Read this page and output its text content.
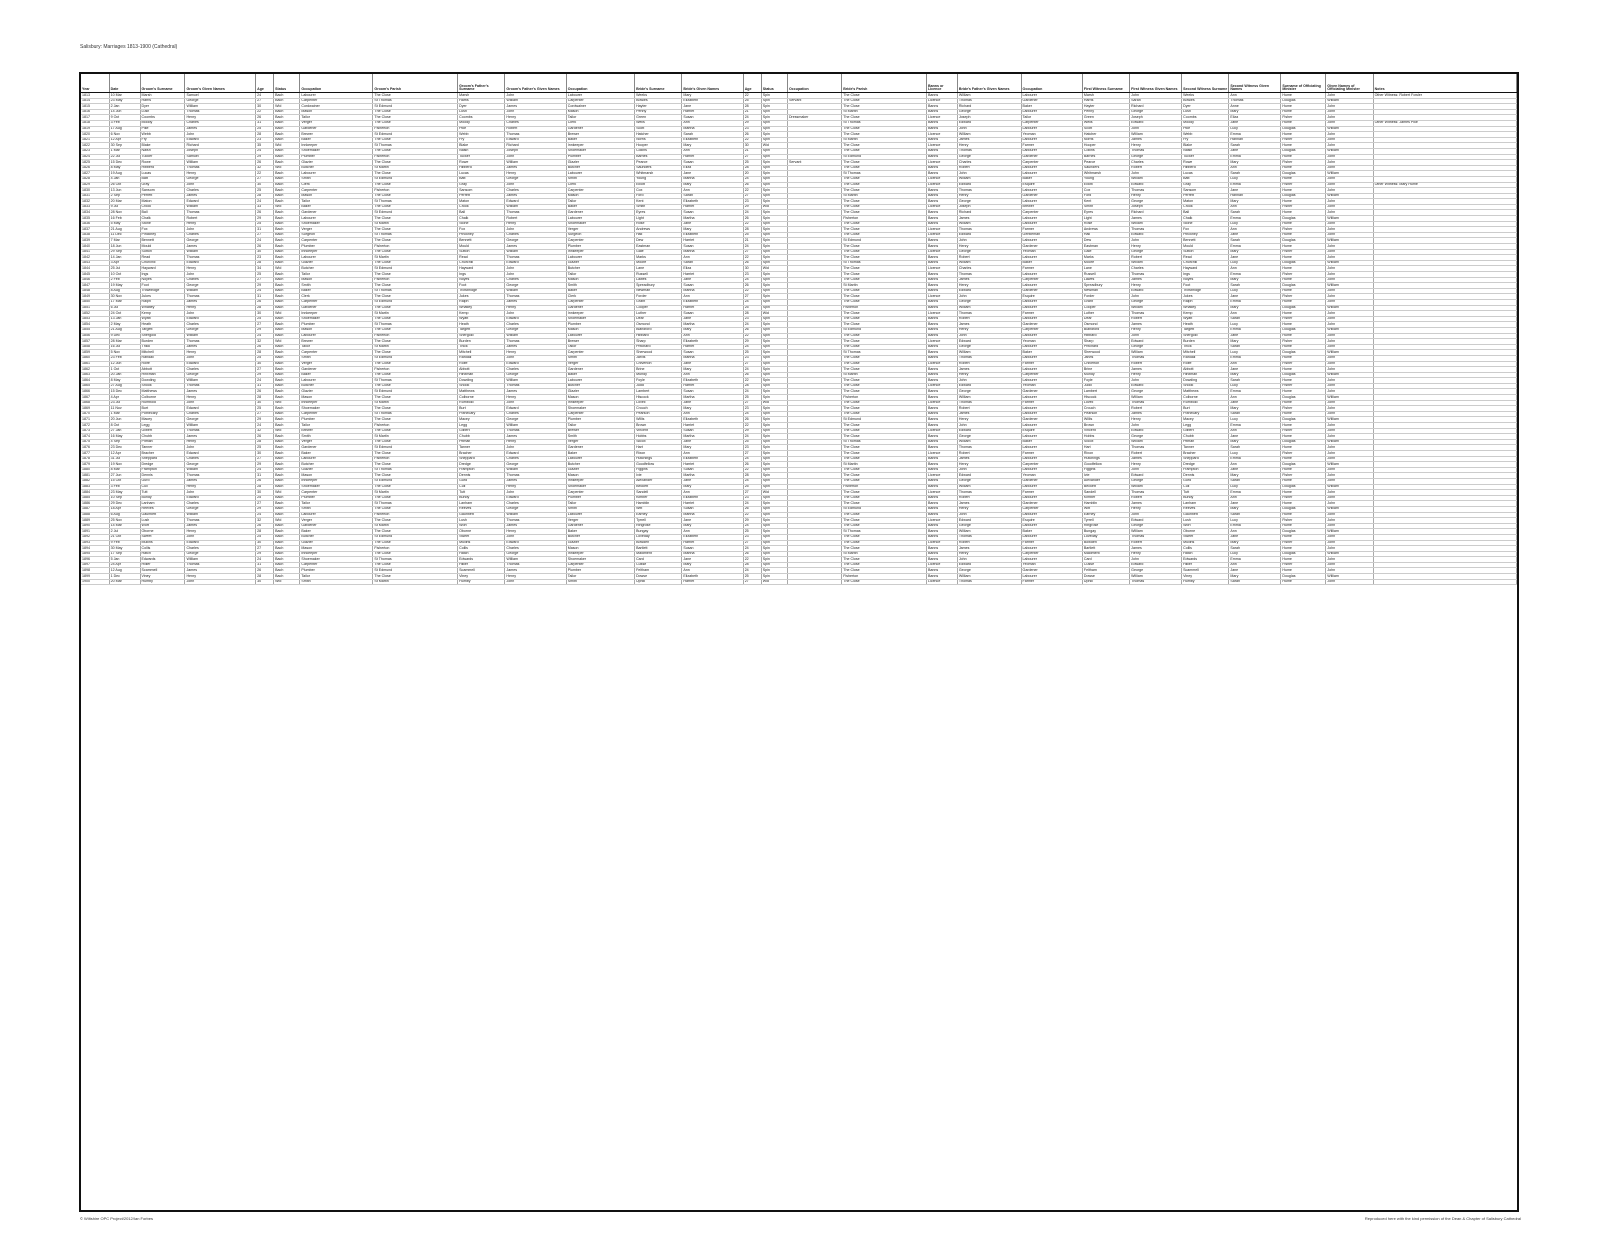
Salisbury: Marriages 1813-1900 (Cathedral)
Year	Date	Groom's Surname	Groom's Given Names	Age	Status	Occupation	Groom's Parish	Groom's Father's Surname	Groom's Father's Given Names	Occupation	Bride's Surname	Bride's Given Names	Age	Status	Occupation	Bride's Parish	Banns or Licence	Bride's Father's Given Names	Occupation	First Witness Surname	First Witness Given Names	Second Witness Surname	Second Witness Given Names	Surname of Officiating Minister	Given Names of Officiating Minister	Notes
1813	10 Mar	Marsh	Samuel	24	Bach	Labourer	The Close	Marsh	John	Labourer	Weeks	Mary	22	Spin		The Close	Banns	William	Labourer	Marsh	John	Weeks	Ann	Hume	John	Other Witness: Robert Fowler
1814	23 May	Harris	George	27	Bach	Carpenter	St Thomas	Harris	William	Carpenter	Bowles	Elizabeth	25	Spin	Servant	The Close	Licence	Thomas	Gardener	Harris	Sarah	Bowles	Thomas	Douglas	William	
1815	2 Jan	Dyer	William	30	Wid	Cordwainer	St Edmund	Dyer	James	Cordwainer	Hayter	Jane	28	Spin		The Close	Banns	Richard	Baker	Hayter	Richard	Dyer	Anne	Hume	John	
1816	14 Jun	Lush	Thomas	22	Bach	Mason	The Close	Lush	John	Mason	Penny	Harriet	21	Spin		St Martin	Banns	George	Labourer	Penny	George	Lush	Mary	Hume	John	
1817	9 Oct	Coombs	Henry	26	Bach	Tailor	The Close	Coombs	Henry	Tailor	Green	Susan	24	Spin	Dressmaker	The Close	Licence	Joseph	Tailor	Green	Joseph	Coombs	Eliza	Fisher	John	
1818	3 Feb	Moody	Charles	31	Bach	Verger	The Close	Moody	Charles	Clerk	Wells	Ann	29	Spin		St Thomas	Banns	Edward	Carpenter	Wells	Edward	Moody	Jane	Hume	John	Other Witness: James Pike
1819	17 Aug	Pike	James	25	Bach	Gardener	Fisherton	Pike	Robert	Gardener	Scott	Martha	23	Spin		The Close	Banns	John	Labourer	Scott	John	Pike	Lucy	Douglas	William	
1820	6 Nov	Webb	John	28	Bach	Brewer	St Edmund	Webb	Thomas	Brewer	Hatcher	Sarah	26	Spin		The Close	Licence	William	Yeoman	Hatcher	William	Webb	Emma	Hume	John	
1821	12 Apr	Fry	Edward	23	Bach	Baker	The Close	Fry	Edward	Baker	Norris	Elizabeth	22	Spin		St Martin	Banns	James	Labourer	Norris	James	Fry	Hannah	Fisher	John	
1822	30 Sep	Blake	Richard	35	Wid	Innkeeper	St Thomas	Blake	Richard	Innkeeper	Hooper	Mary	30	Wid		The Close	Licence	Henry	Farmer	Hooper	Henry	Blake	Sarah	Hume	John	
1823	1 Mar	Naish	Joseph	24	Bach	Shoemaker	The Close	Naish	Joseph	Shoemaker	Collins	Ann	21	Spin		The Close	Banns	Thomas	Labourer	Collins	Thomas	Naish	Jane	Douglas	William	
1824	22 Jul	Tucker	Samuel	29	Bach	Plumber	Fisherton	Tucker	John	Plumber	Barnes	Harriet	27	Spin		St Edmund	Banns	George	Gardener	Barnes	George	Tucker	Emma	Hume	John	
1825	15 Dec	Rowe	William	26	Bach	Glazier	The Close	Rowe	William	Glazier	Pearce	Susan	25	Spin	Servant	The Close	Licence	Charles	Carpenter	Pearce	Charles	Rowe	Mary	Fisher	John	
1826	8 May	Hibberd	Thomas	32	Wid	Butcher	St Martin	Hibberd	James	Butcher	Saunders	Eliza	28	Spin		The Close	Banns	Robert	Labourer	Saunders	Robert	Hibberd	Ann	Hume	John	
1827	19 Aug	Lucas	Henry	22	Bach	Labourer	The Close	Lucas	Henry	Labourer	Whitmarsh	Jane	20	Spin		St Thomas	Banns	John	Labourer	Whitmarsh	John	Lucas	Sarah	Douglas	William	
1828	4 Jan	Batt	George	27	Bach	Smith	St Edmund	Batt	George	Smith	Young	Martha	24	Spin		The Close	Licence	William	Baker	Young	William	Batt	Lucy	Hume	John	
1829	26 Oct	Gray	John	30	Bach	Clerk	The Close	Gray	John	Clerk	Elliott	Mary	26	Spin		The Close	Licence	Edward	Esquire	Elliott	Edward	Gray	Emma	Fisher	John	Other Witness: Mary Hume
1830	13 Jun	Sansom	Charles	25	Bach	Carpenter	Fisherton	Sansom	Charles	Carpenter	Cox	Ann	22	Spin		The Close	Banns	Thomas	Labourer	Cox	Thomas	Sansom	Jane	Hume	John	
1831	2 Sep	Perrett	James	28	Bach	Mason	The Close	Perrett	James	Mason	Ford	Sarah	27	Spin		St Martin	Banns	Henry	Gardener	Ford	Henry	Perrett	Hannah	Douglas	William	
1832	20 Mar	Maton	Edward	24	Bach	Tailor	St Thomas	Maton	Edward	Tailor	Kent	Elizabeth	23	Spin		The Close	Banns	George	Labourer	Kent	George	Maton	Mary	Hume	John	
1833	9 Jul	Crook	William	33	Wid	Baker	The Close	Crook	William	Baker	Smith	Harriet	29	Wid		The Close	Licence	Joseph	Brewer	Smith	Joseph	Crook	Ann	Fisher	John	
1834	28 Nov	Ball	Thomas	26	Bach	Gardener	St Edmund	Ball	Thomas	Gardener	Eyres	Susan	24	Spin		The Close	Banns	Richard	Carpenter	Eyres	Richard	Ball	Sarah	Hume	John	
1835	16 Feb	Chalk	Robert	29	Bach	Labourer	The Close	Chalk	Robert	Labourer	Light	Martha	26	Spin		Fisherton	Banns	James	Labourer	Light	James	Chalk	Emma	Douglas	William	
1836	5 May	Stone	Henry	25	Bach	Shoemaker	St Martin	Stone	Henry	Shoemaker	Rose	Jane	22	Spin		The Close	Banns	William	Labourer	Rose	William	Stone	Lucy	Hume	John	
1837	21 Aug	Fox	John	31	Bach	Verger	The Close	Fox	John	Verger	Andrews	Mary	28	Spin		The Close	Licence	Thomas	Farmer	Andrews	Thomas	Fox	Ann	Fisher	John	
1838	11 Dec	Pinckney	Charles	27	Bach	Surgeon	St Thomas	Pinckney	Charles	Surgeon	Hall	Elizabeth	25	Spin		The Close	Licence	Edward	Gentleman	Hall	Edward	Pinckney	Jane	Hume	John	
1839	7 Mar	Bennett	George	24	Bach	Carpenter	The Close	Bennett	George	Carpenter	Dew	Harriet	21	Spin		St Edmund	Banns	John	Labourer	Dew	John	Bennett	Sarah	Douglas	William	
1840	18 Jun	Mould	James	26	Bach	Plumber	Fisherton	Mould	James	Plumber	Eastman	Susan	24	Spin		The Close	Banns	Henry	Gardener	Eastman	Henry	Mould	Emma	Hume	John	
1841	29 Sep	Sutton	William	30	Bach	Innkeeper	The Close	Sutton	William	Innkeeper	Gale	Martha	27	Spin		The Close	Licence	George	Yeoman	Gale	George	Sutton	Mary	Fisher	John	
1842	14 Jan	Read	Thomas	23	Bach	Labourer	St Martin	Read	Thomas	Labourer	Marks	Ann	22	Spin		The Close	Banns	Robert	Labourer	Marks	Robert	Read	Jane	Hume	John	
1843	3 Apr	Churchill	Edward	28	Bach	Glazier	The Close	Churchill	Edward	Glazier	Moore	Sarah	26	Spin		St Thomas	Banns	William	Baker	Moore	William	Churchill	Lucy	Douglas	William	
1844	25 Jul	Hayward	Henry	34	Wid	Butcher	St Edmund	Hayward	John	Butcher	Lane	Eliza	30	Wid		The Close	Licence	Charles	Farmer	Lane	Charles	Hayward	Ann	Hume	John	
1845	10 Oct	Ings	John	25	Bach	Tailor	The Close	Ings	John	Tailor	Russell	Harriet	23	Spin		The Close	Banns	Thomas	Labourer	Russell	Thomas	Ings	Emma	Fisher	John	
1846	2 Feb	Noyes	Charles	27	Bach	Mason	Fisherton	Noyes	Charles	Mason	Lawes	Jane	24	Spin		The Close	Banns	James	Carpenter	Lawes	James	Noyes	Mary	Hume	John	
1847	19 May	Foot	George	29	Bach	Smith	The Close	Foot	George	Smith	Spreadbury	Susan	26	Spin		St Martin	Banns	Henry	Labourer	Spreadbury	Henry	Foot	Sarah	Douglas	William	
1848	8 Aug	Trowbridge	William	24	Bach	Baker	St Thomas	Trowbridge	William	Baker	Newman	Martha	22	Spin		The Close	Banns	Edward	Gardener	Newman	Edward	Trowbridge	Lucy	Hume	John	
1849	30 Nov	Jukes	Thomas	31	Bach	Clerk	The Close	Jukes	Thomas	Clerk	Forder	Ann	27	Spin		The Close	Licence	John	Esquire	Forder	John	Jukes	Jane	Fisher	John	
1850	17 Mar	Ralph	James	26	Bach	Carpenter	St Edmund	Ralph	James	Carpenter	Grant	Elizabeth	24	Spin		The Close	Banns	George	Labourer	Grant	George	Ralph	Emma	Hume	John	
1851	6 Jul	Whatley	Henry	28	Bach	Gardener	The Close	Whatley	Henry	Gardener	Cooper	Harriet	25	Spin		Fisherton	Banns	William	Labourer	Cooper	William	Whatley	Mary	Douglas	William	
1852	24 Oct	Kemp	John	30	Wid	Innkeeper	St Martin	Kemp	John	Innkeeper	Luther	Susan	28	Wid		The Close	Licence	Thomas	Farmer	Luther	Thomas	Kemp	Ann	Hume	John	
1853	13 Jan	Wyatt	Edward	25	Bach	Shoemaker	The Close	Wyatt	Edward	Shoemaker	Dear	Jane	23	Spin		The Close	Banns	Robert	Labourer	Dear	Robert	Wyatt	Sarah	Fisher	John	
1854	2 May	Heath	Charles	27	Bach	Plumber	St Thomas	Heath	Charles	Plumber	Osmond	Martha	24	Spin		The Close	Banns	James	Gardener	Osmond	James	Heath	Lucy	Hume	John	
1855	21 Aug	Targett	George	29	Bach	Mason	The Close	Targett	George	Mason	Blandford	Mary	26	Spin		St Edmund	Banns	Henry	Carpenter	Blandford	Henry	Targett	Emma	Douglas	William	
1856	9 Dec	Shergold	William	24	Bach	Labourer	Fisherton	Shergold	William	Labourer	Hibbard	Ann	22	Spin		The Close	Banns	John	Labourer	Hibbard	John	Shergold	Jane	Hume	John	
1857	28 Mar	Burden	Thomas	32	Wid	Brewer	The Close	Burden	Thomas	Brewer	Sharp	Elizabeth	29	Spin		The Close	Licence	Edward	Yeoman	Sharp	Edward	Burden	Mary	Fisher	John	
1858	16 Jul	Thick	James	26	Bach	Tailor	St Martin	Thick	James	Tailor	Pritchard	Harriet	24	Spin		The Close	Banns	George	Labourer	Pritchard	George	Thick	Sarah	Hume	John	
1859	5 Nov	Mitchell	Henry	28	Bach	Carpenter	The Close	Mitchell	Henry	Carpenter	Sherwood	Susan	25	Spin		St Thomas	Banns	William	Baker	Sherwood	William	Mitchell	Lucy	Douglas	William	
1860	23 Feb	Randall	John	25	Bach	Smith	St Edmund	Randall	John	Smith	Jarvis	Martha	23	Spin		The Close	Banns	Thomas	Labourer	Jarvis	Thomas	Randall	Emma	Hume	John	
1861	12 Jun	Rolfe	Edward	30	Bach	Verger	The Close	Rolfe	Edward	Verger	Chiverton	Jane	27	Spin		The Close	Licence	Robert	Farmer	Chiverton	Robert	Rolfe	Ann	Fisher	John	
1862	1 Oct	Abbott	Charles	27	Bach	Gardener	Fisherton	Abbott	Charles	Gardener	Brine	Mary	24	Spin		The Close	Banns	James	Labourer	Brine	James	Abbott	Jane	Hume	John	
1863	20 Jan	Hinxman	George	29	Bach	Baker	The Close	Hinxman	George	Baker	Mundy	Ann	26	Spin		St Martin	Banns	Henry	Carpenter	Mundy	Henry	Hinxman	Mary	Douglas	William	
1864	8 May	Dowding	William	24	Bach	Labourer	St Thomas	Dowding	William	Labourer	Foyle	Elizabeth	22	Spin		The Close	Banns	John	Labourer	Foyle	John	Dowding	Sarah	Hume	John	
1865	27 Aug	Snook	Thomas	31	Bach	Butcher	The Close	Snook	Thomas	Butcher	Judd	Harriet	28	Spin		The Close	Licence	Edward	Yeoman	Judd	Edward	Snook	Lucy	Fisher	John	
1866	15 Dec	Matthews	James	26	Bach	Glazier	St Edmund	Matthews	James	Glazier	Lambert	Susan	24	Spin		The Close	Banns	George	Gardener	Lambert	George	Matthews	Emma	Hume	John	
1867	4 Apr	Colborne	Henry	28	Bach	Mason	The Close	Colborne	Henry	Mason	Hiscock	Martha	25	Spin		Fisherton	Banns	William	Labourer	Hiscock	William	Colborne	Ann	Douglas	William	
1868	23 Jul	Rumbold	John	30	Wid	Innkeeper	St Martin	Rumbold	John	Innkeeper	Lovell	Jane	27	Wid		The Close	Licence	Thomas	Farmer	Lovell	Thomas	Rumbold	Jane	Hume	John	
1869	11 Nov	Burt	Edward	25	Bach	Shoemaker	The Close	Burt	Edward	Shoemaker	Crouch	Mary	23	Spin		The Close	Banns	Robert	Labourer	Crouch	Robert	Burt	Mary	Fisher	John	
1870	1 Mar	Pothecary	Charles	27	Bach	Carpenter	St Thomas	Pothecary	Charles	Carpenter	Pearson	Ann	24	Spin		The Close	Banns	James	Labourer	Pearson	James	Pothecary	Sarah	Hume	John	
1871	20 Jun	Macey	George	29	Bach	Plumber	The Close	Macey	George	Plumber	Willis	Elizabeth	26	Spin		St Edmund	Banns	Henry	Gardener	Willis	Henry	Macey	Lucy	Douglas	William	
1872	8 Oct	Legg	William	24	Bach	Tailor	Fisherton	Legg	William	Tailor	Brown	Harriet	22	Spin		The Close	Banns	John	Labourer	Brown	John	Legg	Emma	Hume	John	
1873	27 Jan	Gilbert	Thomas	32	Wid	Brewer	The Close	Gilbert	Thomas	Brewer	Vincent	Susan	29	Spin		The Close	Licence	Edward	Esquire	Vincent	Edward	Gilbert	Ann	Fisher	John	
1874	16 May	Chubb	James	26	Bach	Smith	St Martin	Chubb	James	Smith	Hobbs	Martha	24	Spin		The Close	Banns	George	Labourer	Hobbs	George	Chubb	Jane	Hume	John	
1875	4 Sep	Pitman	Henry	28	Bach	Verger	The Close	Pitman	Henry	Verger	Silcox	Jane	25	Spin		St Thomas	Banns	William	Baker	Silcox	William	Pitman	Mary	Douglas	William	
1876	23 Dec	Tanner	John	25	Bach	Gardener	St Edmund	Tanner	John	Gardener	Hart	Mary	23	Spin		The Close	Banns	Thomas	Labourer	Hart	Thomas	Tanner	Sarah	Hume	John	
1877	12 Apr	Bracher	Edward	30	Bach	Baker	The Close	Bracher	Edward	Baker	Rixon	Ann	27	Spin		The Close	Licence	Robert	Farmer	Rixon	Robert	Bracher	Lucy	Fisher	John	
1878	31 Jul	Sheppard	Charles	27	Bach	Labourer	Fisherton	Sheppard	Charles	Labourer	Hutchings	Elizabeth	24	Spin		The Close	Banns	James	Labourer	Hutchings	James	Sheppard	Emma	Hume	John	
1879	19 Nov	Dredge	George	29	Bach	Butcher	The Close	Dredge	George	Butcher	Goodfellow	Harriet	26	Spin		St Martin	Banns	Henry	Carpenter	Goodfellow	Henry	Dredge	Ann	Douglas	William	
1880	8 Mar	Frampton	William	24	Bach	Glazier	St Thomas	Frampton	William	Glazier	Figgins	Susan	22	Spin		The Close	Banns	John	Labourer	Figgins	John	Frampton	Jane	Hume	John	
1881	27 Jun	Dennis	Thomas	31	Bach	Mason	The Close	Dennis	Thomas	Mason	Ivie	Martha	28	Spin		The Close	Licence	Edward	Yeoman	Ivie	Edward	Dennis	Mary	Fisher	John	
1882	15 Oct	Gurd	James	26	Bach	Innkeeper	St Edmund	Gurd	James	Innkeeper	Alexander	Jane	24	Spin		The Close	Banns	George	Gardener	Alexander	George	Gurd	Sarah	Hume	John	
1883	3 Feb	Cull	Henry	28	Bach	Shoemaker	The Close	Cull	Henry	Shoemaker	Beckett	Mary	25	Spin		Fisherton	Banns	William	Labourer	Beckett	William	Cull	Lucy	Douglas	William	
1884	23 May	Tutt	John	30	Wid	Carpenter	St Martin	Tutt	John	Carpenter	Sandell	Ann	27	Wid		The Close	Licence	Thomas	Farmer	Sandell	Thomas	Tutt	Emma	Hume	John	
1885	10 Sep	Bundy	Edward	25	Bach	Plumber	The Close	Bundy	Edward	Plumber	Kimber	Elizabeth	23	Spin		The Close	Banns	Robert	Labourer	Kimber	Robert	Bundy	Ann	Fisher	John	
1886	29 Dec	Lanham	Charles	27	Bach	Tailor	St Thomas	Lanham	Charles	Tailor	Hamblin	Harriet	24	Spin		The Close	Banns	James	Gardener	Hamblin	James	Lanham	Jane	Hume	John	
1887	18 Apr	Reeves	George	29	Bach	Smith	The Close	Reeves	George	Smith	Witt	Susan	26	Spin		St Edmund	Banns	Henry	Carpenter	Witt	Henry	Reeves	Mary	Douglas	William	
1888	6 Aug	Gauntlett	William	24	Bach	Labourer	Fisherton	Gauntlett	William	Labourer	Earney	Martha	22	Spin		The Close	Banns	John	Labourer	Earney	John	Gauntlett	Sarah	Hume	John	
1889	25 Nov	Lush	Thomas	32	Wid	Verger	The Close	Lush	Thomas	Verger	Tyrrell	Jane	29	Spin		The Close	Licence	Edward	Esquire	Tyrrell	Edward	Lush	Lucy	Fisher	John	
1890	14 Mar	Wort	James	26	Bach	Gardener	St Martin	Wort	James	Gardener	Ringrose	Mary	24	Spin		The Close	Banns	George	Labourer	Ringrose	George	Wort	Emma	Hume	John	
1891	2 Jul	Oborne	Henry	28	Bach	Baker	The Close	Oborne	Henry	Baker	Bungay	Ann	25	Spin		St Thomas	Banns	William	Baker	Bungay	William	Oborne	Ann	Douglas	William	
1892	21 Oct	Sweet	John	25	Bach	Butcher	St Edmund	Sweet	John	Butcher	Loveday	Elizabeth	23	Spin		The Close	Banns	Thomas	Labourer	Loveday	Thomas	Sweet	Jane	Hume	John	
1893	9 Feb	Mullins	Edward	30	Bach	Glazier	The Close	Mullins	Edward	Glazier	Bowden	Harriet	27	Spin		The Close	Licence	Robert	Farmer	Bowden	Robert	Mullins	Mary	Fisher	John	
1894	30 May	Collis	Charles	27	Bach	Mason	Fisherton	Collis	Charles	Mason	Bartlett	Susan	24	Spin		The Close	Banns	James	Labourer	Bartlett	James	Collis	Sarah	Hume	John	
1895	17 Sep	Hatch	George	29	Bach	Innkeeper	The Close	Hatch	George	Innkeeper	Maidment	Martha	26	Spin		St Martin	Banns	Henry	Carpenter	Maidment	Henry	Hatch	Lucy	Douglas	William	
1896	5 Jan	Edwards	William	24	Bach	Shoemaker	St Thomas	Edwards	William	Shoemaker	Card	Jane	22	Spin		The Close	Banns	John	Labourer	Card	John	Edwards	Emma	Hume	John	
1897	24 Apr	Hillier	Thomas	31	Bach	Carpenter	The Close	Hillier	Thomas	Carpenter	Cusse	Mary	28	Spin		The Close	Licence	Edward	Yeoman	Cusse	Edward	Hillier	Ann	Fisher	John	
1898	12 Aug	Scammell	James	26	Bach	Plumber	St Edmund	Scammell	James	Plumber	Feltham	Ann	24	Spin		The Close	Banns	George	Gardener	Feltham	George	Scammell	Jane	Hume	John	
1899	1 Dec	Viney	Henry	28	Bach	Tailor	The Close	Viney	Henry	Tailor	Dowse	Elizabeth	25	Spin		Fisherton	Banns	William	Labourer	Dowse	William	Viney	Mary	Douglas	William	
1900	20 Mar	Humby	John	30	Wid	Smith	St Martin	Humby	John	Smith	Uphill	Harriet	27	Wid		The Close	Licence	Thomas	Farmer	Uphill	Thomas	Humby	Sarah	Hume	John	
© Wiltshire OPC Project/2012/Ian Forbes	Reproduced here with the kind permission of the Dean & Chapter of Salisbury Cathedral
